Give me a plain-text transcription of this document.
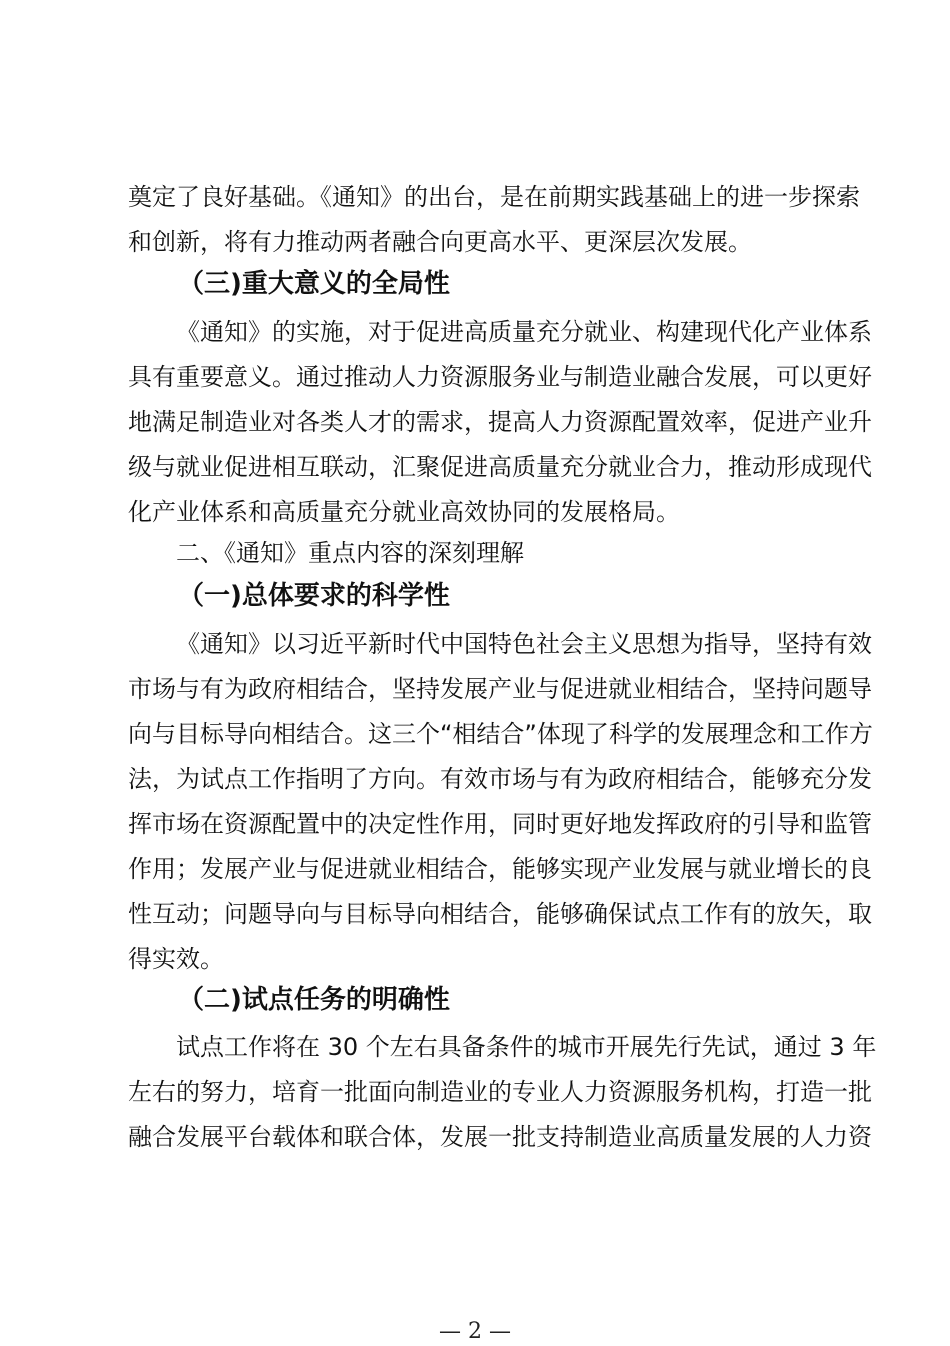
奠定了良好基础。《通知》的出台，是在前期实践基础上的进一步探索

和创新，将有力推动两者融合向更高水平、更深层次发展。

（三)重大意义的全局性

《通知》的实施，对于促进高质量充分就业、构建现代化产业体系

具有重要意义。通过推动人力资源服务业与制造业融合发展，可以更好

地满足制造业对各类人才的需求，提高人力资源配置效率，促进产业升

级与就业促进相互联动，汇聚促进高质量充分就业合力，推动形成现代

化产业体系和高质量充分就业高效协同的发展格局。

二、《通知》重点内容的深刻理解
（一)总体要求的科学性

《通知》以习近平新时代中国特色社会主义思想为指导，坚持有效

市场与有为政府相结合，坚持发展产业与促进就业相结合，坚持问题导

向与目标导向相结合。这三个“相结合”体现了科学的发展理念和工作方

法，为试点工作指明了方向。有效市场与有为政府相结合，能够充分发

挥市场在资源配置中的决定性作用，同时更好地发挥政府的引导和监管

作用；发展产业与促进就业相结合，能够实现产业发展与就业增长的良

性互动；问题导向与目标导向相结合，能够确保试点工作有的放矢，取

得实效。

（二)试点任务的明确性

试点工作将在 30 个左右具备条件的城市开展先行先试，通过 3 年

左右的努力，培育一批面向制造业的专业人力资源服务机构，打造一批

融合发展平台载体和联合体，发展一批支持制造业高质量发展的人力资

— 2 —
